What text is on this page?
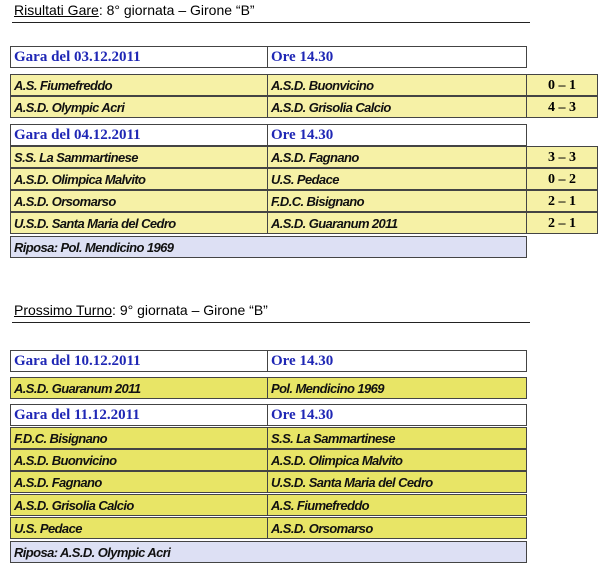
Risultati Gare: 8° giornata – Girone “B”
Gara del 03.12.2011	Ore 14.30
A.S. Fiumefreddo	A.S.D. Buonvicino	0 – 1
A.S.D. Olympic Acri	A.S.D. Grisolia Calcio	4 – 3
Gara del 04.12.2011	Ore 14.30
S.S. La Sammartinese	A.S.D. Fagnano	3 – 3
A.S.D. Olimpica Malvito	U.S. Pedace	0 – 2
A.S.D. Orsomarso	F.D.C. Bisignano	2 – 1
U.S.D. Santa Maria del Cedro	A.S.D. Guaranum 2011	2 – 1
Riposa: Pol. Mendicino 1969
Prossimo Turno: 9° giornata – Girone “B”
Gara del 10.12.2011	Ore 14.30
A.S.D. Guaranum 2011	Pol. Mendicino 1969
Gara del 11.12.2011	Ore 14.30
F.D.C. Bisignano	S.S. La Sammartinese
A.S.D. Buonvicino	A.S.D. Olimpica Malvito
A.S.D. Fagnano	U.S.D. Santa Maria del Cedro
A.S.D. Grisolia Calcio	A.S. Fiumefreddo
U.S. Pedace	A.S.D. Orsomarso
Riposa: A.S.D. Olympic Acri
